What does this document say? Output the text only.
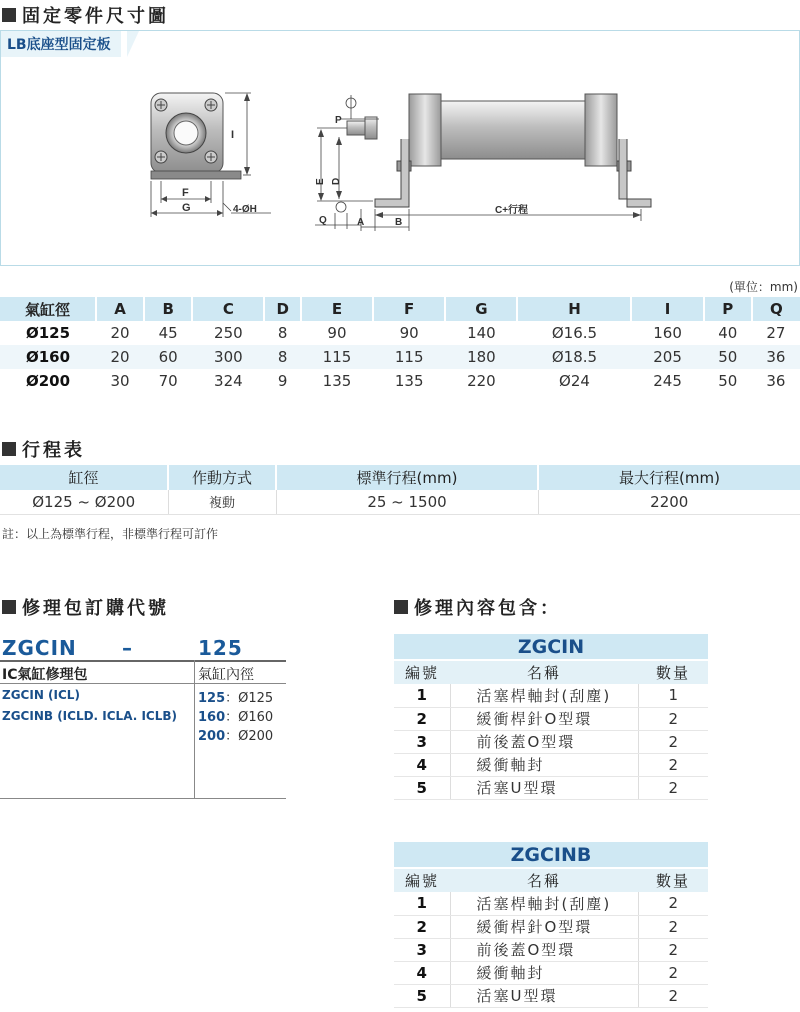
固定零件尺寸圖
LB底座型固定板
I
F
G	4-ØH
P
E D
A	B
Q
C+行程
(單位：mm)
氣缸徑	A	B	C	D	E	F	G	H	I	P	Q
Ø125	20	45	250	8	90	90	140	Ø16.5	160	40	27
Ø160	20	60	300	8	115	115	180	Ø18.5	205	50	36
Ø200	30	70	324	9	135	135	220	Ø24	245	50	36
行程表
缸徑	作動方式	標準行程(mm)	最大行程(mm)
Ø125 ~ Ø200	複動	25 ~ 1500	2200
註：以上為標準行程，非標準行程可訂作
修理包訂購代號
ZGCIN –	125
IC氣缸修理包	氣缸內徑
ZGCIN (ICL)
ZGCINB (ICLD. ICLA. ICLB)
125：Ø125
160：Ø160
200：Ø200
修理內容包含：
ZGCIN		
編號	名稱	數量
1	活塞桿軸封(刮塵)	1
2	緩衝桿針O型環	2
3	前後蓋O型環	2
4	緩衝軸封	2
5	活塞U型環	2
ZGCINB		
編號	名稱	數量
1	活塞桿軸封(刮塵)	2
2	緩衝桿針O型環	2
3	前後蓋O型環	2
4	緩衝軸封	2
5	活塞U型環	2
